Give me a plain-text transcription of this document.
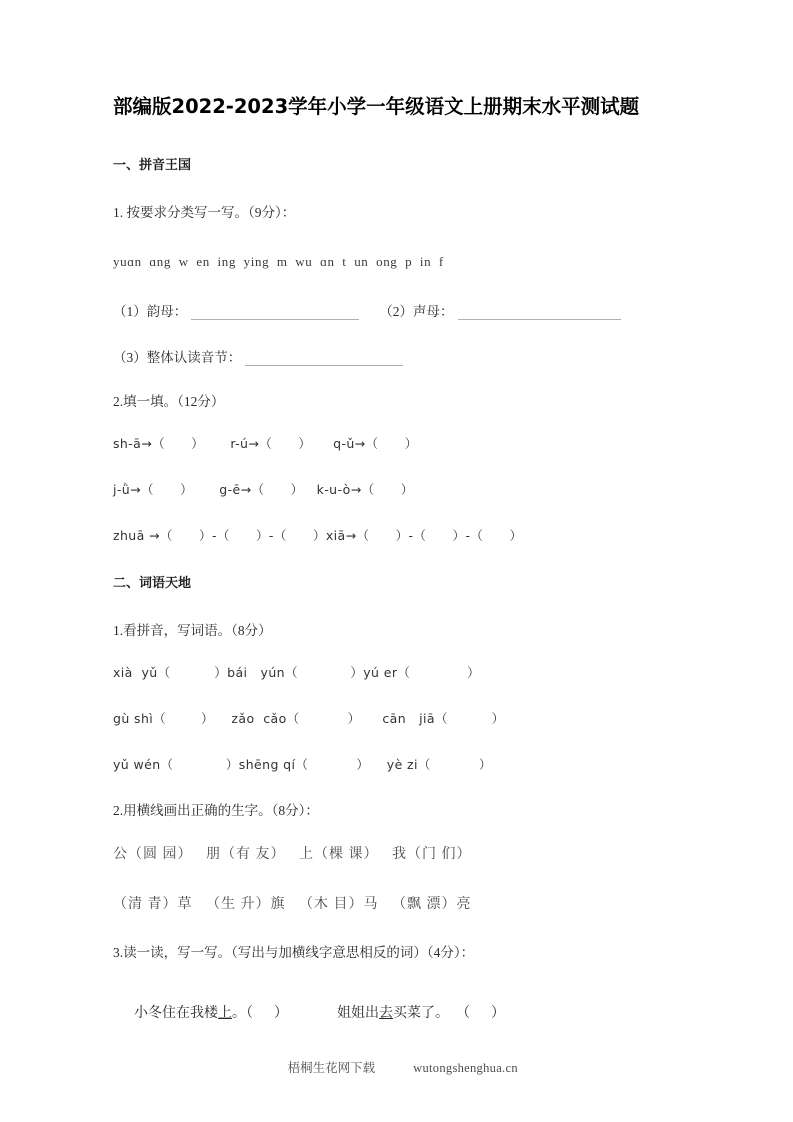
部编版2022-2023学年小学一年级语文上册期末水平测试题
一、拼音王国
1. 按要求分类写一写。（9分）：
yuɑn  ɑng  w  en  ing  ying  m  wu  ɑn  t  un  ong  p  in  f
（1）韵母：	（2）声母：
（3）整体认读音节：
2.填一填。（12分）
sh-ā→（      ）      r-ú→（      ）     q-ǔ→（      ）
j-ǜ→（      ）      g-ē→（      ）   k-u-ò→（      ）
zhuā →（      ）-（      ）-（      ）xiā→（      ）-（      ）-（      ）
二、词语天地
1.看拼音，写词语。（8分）
xià  yǔ（          ）bái   yún（            ）yú er（             ）
gù shì（        ）    zǎo  cǎo（           ）     cān   jiā（          ）
yǔ wén（            ）shēng qí（           ）    yè zi（           ）
2.用横线画出正确的生字。（8分）：
公（圆 园）   朋（有 友）   上（棵 课）   我（门 们）
（清 青）草   （生 升）旗   （木 目）马   （飘 漂）亮
3.读一读，写一写。（写出与加横线字意思相反的词）（4分）：

小冬住在我楼上。（      ）	姐姐出去买菜了。  （      ）

梧桐生花网下载	wutongshenghua.cn
